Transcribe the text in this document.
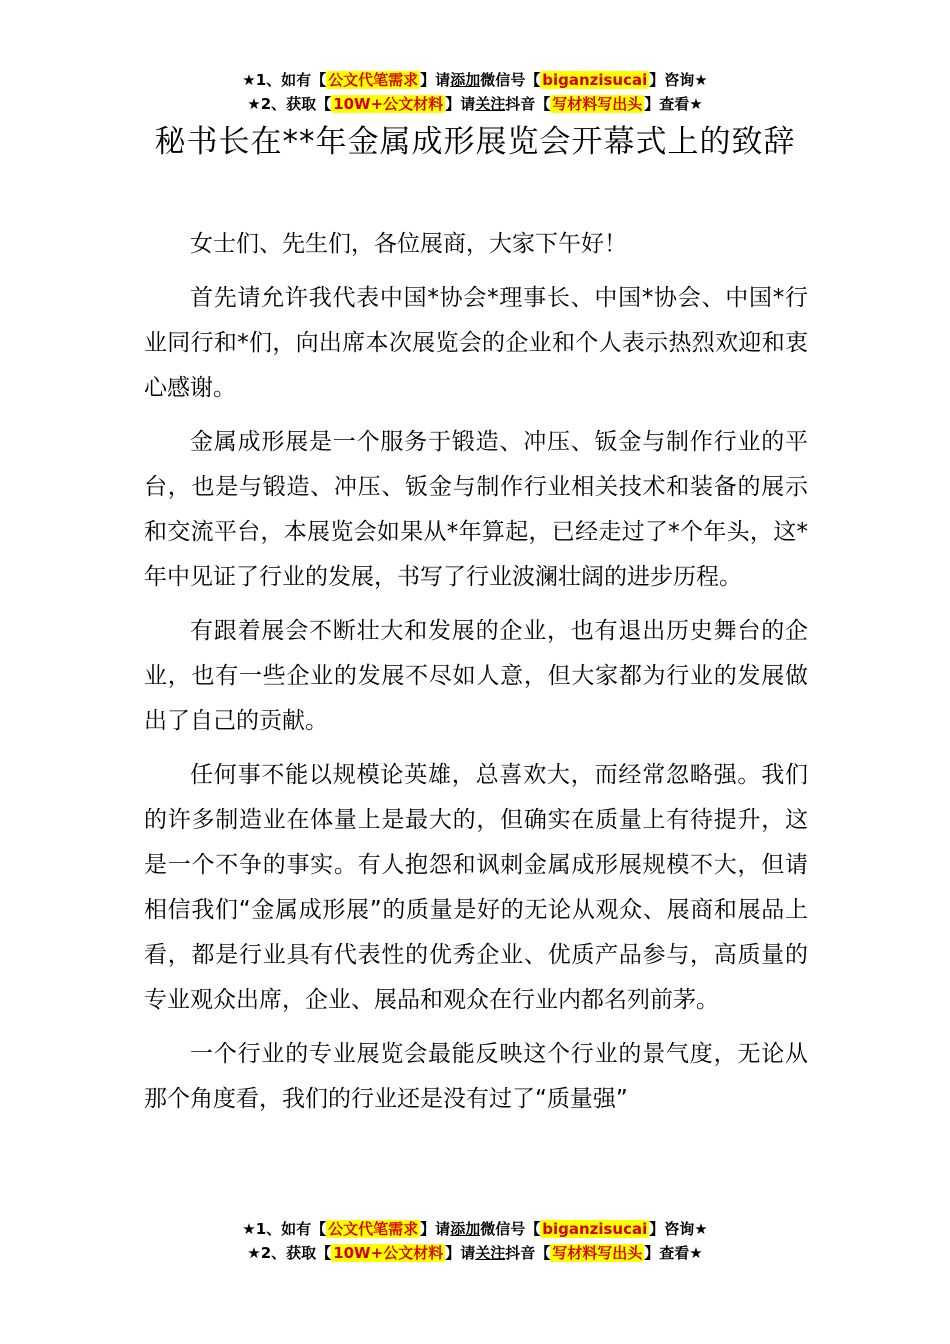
★1、如有【 公文代笔需求 】请添加微信号【 biganzisucai 】咨询★
★2、获取【 10W+公文材料 】请关注抖音【 写材料写出头 】查看★
秘书长在**年金属成形展览会开幕式上的致辞

女士们、先生们，各位展商，大家下午好！

首先请允许我代表中国*协会*理事长、中国*协会、中国*行业同行和*们，向出席本次展览会的企业和个人表示热烈欢迎和衷心感谢。

金属成形展是一个服务于锻造、冲压、钣金与制作行业的平台，也是与锻造、冲压、钣金与制作行业相关技术和装备的展示和交流平台，本展览会如果从*年算起，已经走过了*个年头，这*年中见证了行业的发展，书写了行业波澜壮阔的进步历程。

有跟着展会不断壮大和发展的企业，也有退出历史舞台的企业，也有一些企业的发展不尽如人意，但大家都为行业的发展做出了自己的贡献。

任何事不能以规模论英雄，总喜欢大，而经常忽略强。我们的许多制造业在体量上是最大的，但确实在质量上有待提升，这是一个不争的事实。有人抱怨和讽刺金属成形展规模不大，但请相信我们“金属成形展”的质量是好的无论从观众、展商和展品上看，都是行业具有代表性的优秀企业、优质产品参与，高质量的专业观众出席，企业、展品和观众在行业内都名列前茅。

一个行业的专业展览会最能反映这个行业的景气度，无论从那个角度看，我们的行业还是没有过了“质量强”

★1、如有【 公文代笔需求 】请添加微信号【 biganzisucai 】咨询★
★2、获取【 10W+公文材料 】请关注抖音【 写材料写出头 】查看★
